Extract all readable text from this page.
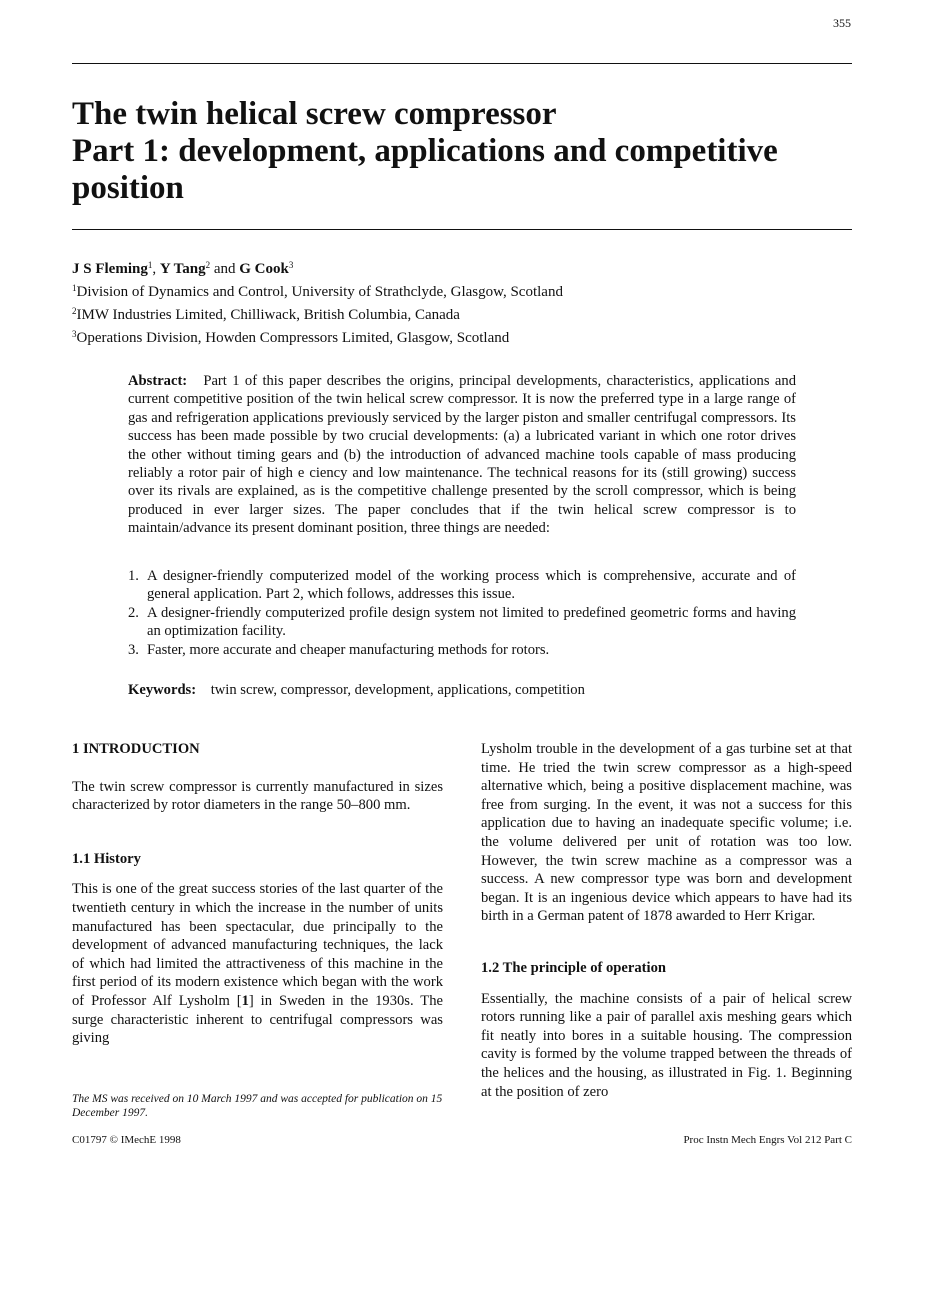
355
The twin helical screw compressor
Part 1: development, applications and competitive
position
J S Fleming$^1$, Y Tang$^2$ and G Cook$^3$
$^1$Division of Dynamics and Control, University of Strathclyde, Glasgow, Scotland
$^2$IMW Industries Limited, Chilliwack, British Columbia, Canada
$^3$Operations Division, Howden Compressors Limited, Glasgow, Scotland
Abstract: Part 1 of this paper describes the origins, principal developments, characteristics, applications and current competitive position of the twin helical screw compressor. It is now the preferred type in a large range of gas and refrigeration applications previously serviced by the larger piston and smaller centrifugal compressors. Its success has been made possible by two crucial developments: (a) a lubricated variant in which one rotor drives the other without timing gears and (b) the introduction of advanced machine tools capable of mass producing reliably a rotor pair of high e ciency and low maintenance. The technical reasons for its (still growing) success over its rivals are explained, as is the competitive challenge presented by the scroll compressor, which is being produced in ever larger sizes. The paper concludes that if the twin helical screw compressor is to maintain/advance its present dominant position, three things are needed:
1. A designer-friendly computerized model of the working process which is comprehensive, accurate and of general application. Part 2, which follows, addresses this issue.
2. A designer-friendly computerized profile design system not limited to predefined geometric forms and having an optimization facility.
3. Faster, more accurate and cheaper manufacturing methods for rotors.
Keywords: twin screw, compressor, development, applications, competition
1 INTRODUCTION
The twin screw compressor is currently manufactured in sizes characterized by rotor diameters in the range 50–800 mm.
1.1 History
This is one of the great success stories of the last quarter of the twentieth century in which the increase in the number of units manufactured has been spectacular, due principally to the development of advanced manufacturing techniques, the lack of which had limited the attractiveness of this machine in the first period of its modern existence which began with the work of Professor Alf Lysholm [1] in Sweden in the 1930s. The surge characteristic inherent to centrifugal compressors was giving
The MS was received on 10 March 1997 and was accepted for publication on 15 December 1997.
Lysholm trouble in the development of a gas turbine set at that time. He tried the twin screw compressor as a high-speed alternative which, being a positive displacement machine, was free from surging. In the event, it was not a success for this application due to having an inadequate specific volume; i.e. the volume delivered per unit of rotation was too low. However, the twin screw machine as a compressor was a success. A new compressor type was born and development began. It is an ingenious device which appears to have had its birth in a German patent of 1878 awarded to Herr Krigar.
1.2 The principle of operation
Essentially, the machine consists of a pair of helical screw rotors running like a pair of parallel axis meshing gears which fit neatly into bores in a suitable housing. The compression cavity is formed by the volume trapped between the threads of the helices and the housing, as illustrated in Fig. 1. Beginning at the position of zero
C01797 © IMechE 1998	Proc Instn Mech Engrs Vol 212 Part C
